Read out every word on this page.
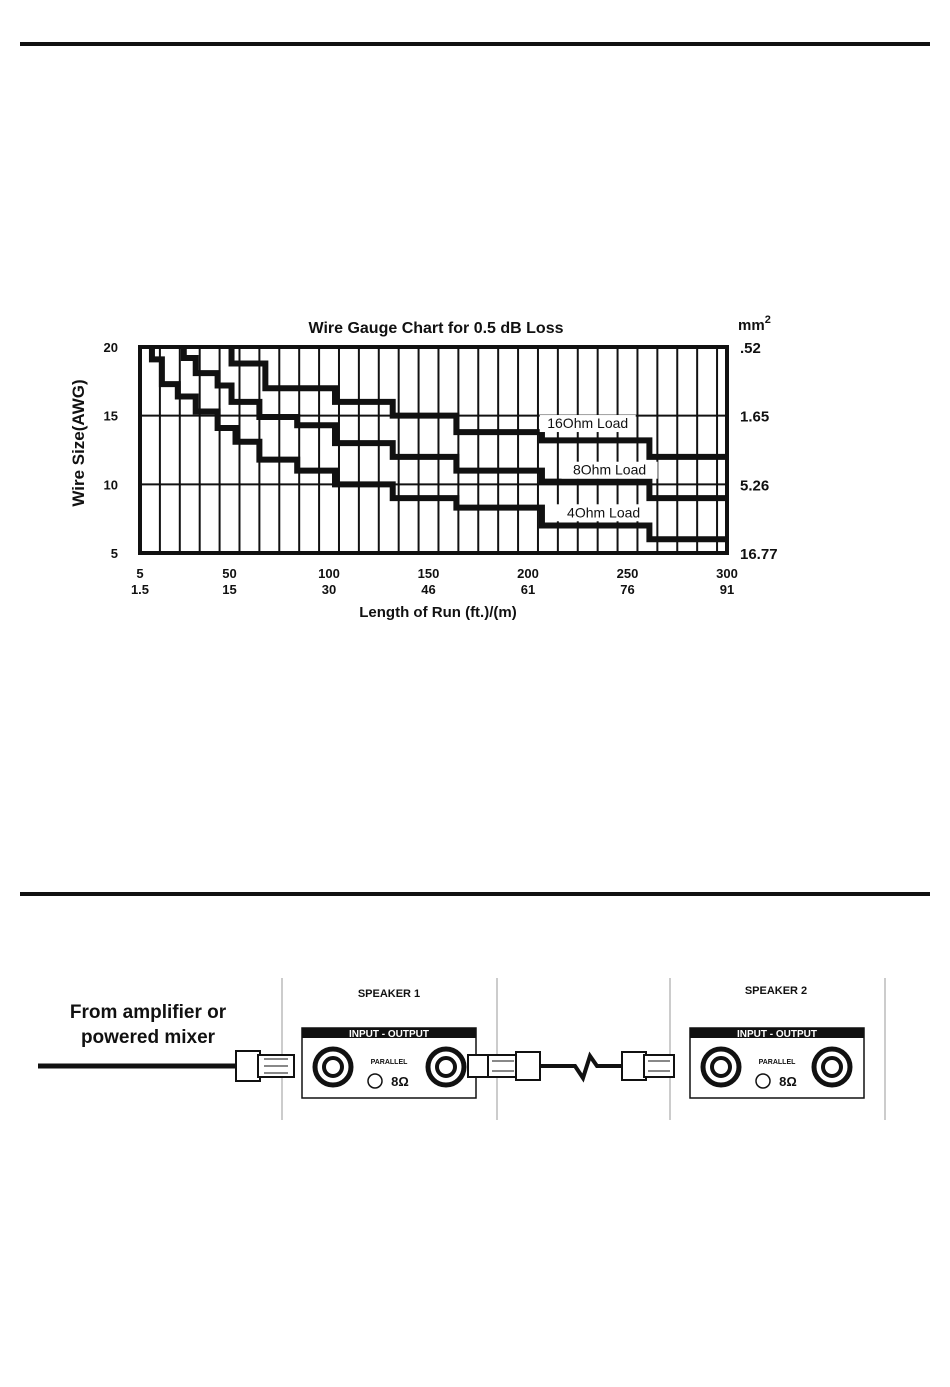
Wire Gauge Chart for 0.5 dB Loss	$mm^2$
Wire Size(AWG)
Length of Run (ft.)/(m)
20
15
10
5
.52
1.65
5.26
16.77
5
1.5
50
15
100
30
150
46
200
61
250
76
300
91
16Ohm Load
8Ohm Load
4Ohm Load
From amplifier or
powered mixer
SPEAKER 1
INPUT - OUTPUT
PARALLEL
8Ω
SPEAKER 2
INPUT - OUTPUT
PARALLEL
8Ω
